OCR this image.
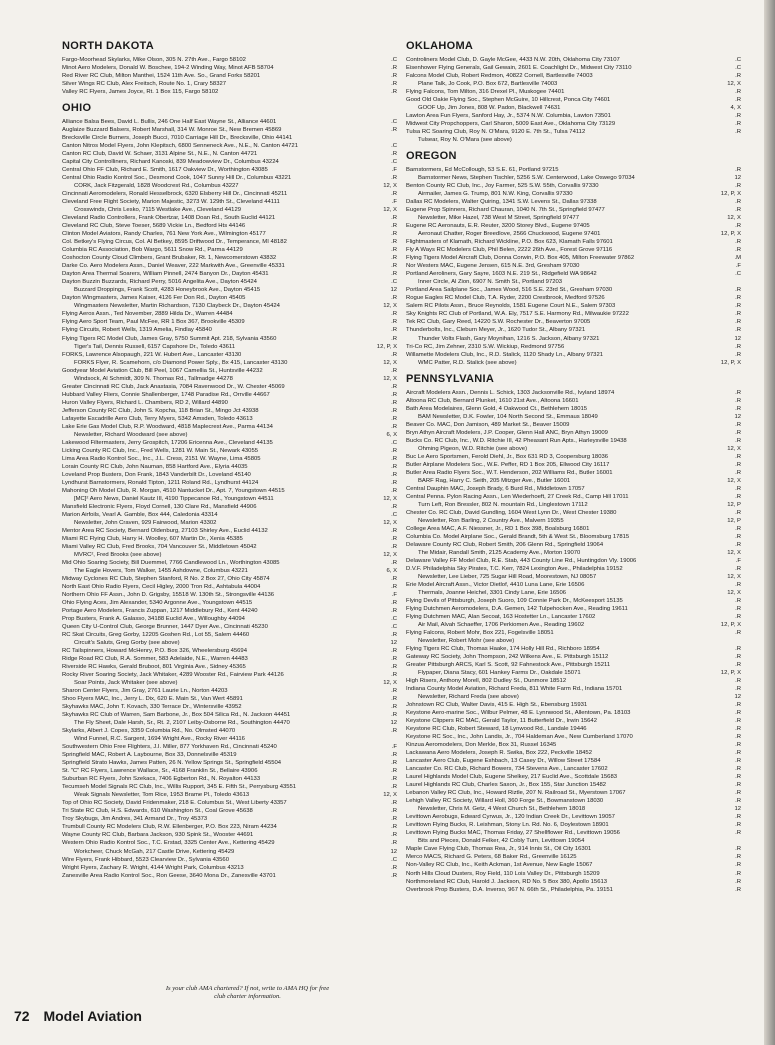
NORTH DAKOTA
Fargo-Moorhead Skylarks, Mike Olson, 305 N. 27th Ave., Fargo 58102	.C
Minot Aero Modelers, Donald W. Boschee, 194-2 Winding Way, Minot AFB 58704	.R
Red River RC Club, Milton Manthei, 1524 11th Ave. So., Grand Forks 58201	.R
Silver Wings RC Club, Alex Freitsch, Route No. 1, Crary 58327	.R
Valley RC Flyers, James Joyce, Rt. 1 Box 115, Fargo 58102	.R
OHIO
Alliance Balsa Bees, David L. Bullis, 246 One Half East Wayne St., Alliance 44601	.C
Auglaize Buzzard Balsers, Robert Marshall, 314 W. Monroe St., New Bremen 45869	.R
Brecksville Circle Burners, Joseph Bucci, 7010 Carriage Hill Dr., Brecksville, Ohio 44141
Canton Nitros Model Flyers, John Klepitsch, 6800 Senneneck Ave., N.E., N. Canton 44721	.C
Canton RC Club, David W. Schaer, 3131 Alpine St., N.E., N. Canton 44721	.R
Capital City Controlliners, Richard Kanoski, 839 Meadowview Dr., Columbus 43224	.C
Central Ohio FF Club, Richard E. Smith, 1617 Oakview Dr., Worthington 43085	.F
Central Ohio Radio Kontrol Soc., Desmond Cook, 1047 Sunny Hill Dr., Columbus 43221	.R
CORK, Jack Fitzgerald, 1828 Woodcrest Rd., Columbus 43227	12, X
Cincinnati Aeromodelers, Ronald Hesselbrock, 6320 Elsberry Hill Dr., Cincinnati 45211	.R
Cleveland Free Flight Society, Marion Majestic, 3273 W. 129th St., Cleveland 44111	.F
Crosswinds, Chris Lesko, 7115 Westlake Ave., Cleveland 44129	12, X
Cleveland Radio Controllers, Frank Obertzar, 1408 Doan Rd., South Euclid 44121	.R
Cleveland RC Club, Steve Toeser, 5689 Vickie Ln., Bedford Hts 44146	.R
Clinton Model Aviators, Randy Charles, 761 New York Ave., Wilmington 45177	.R
Col. Betkey's Flying Circus, Col. Al Betkey, 8595 Driftwood Dr., Temperance, MI 48182	.R
Columbia RC Association, Bob Wargo, 5611 Snow Rd., Parma 44129	.R
Coshocton County Cloud Climbers, Grant Brubaker, Rt. 1, Newcomerstown 43832	.R
Darke Co. Aero Modelers Assn., Daniel Weaver, 222 Markwith Ave., Greenville 45331	.R
Dayton Area Thermal Soarers, William Pinnell, 2474 Banyon Dr., Dayton 45431	.R
Dayton Buzzin Buzzards, Richard Perry, 5016 Angelita Ave., Dayton 45424	.C
Buzzard Droppings, Frank Scott, 4283 Honeybrook Ave., Dayton 45415	12
Dayton Wingmasters, James Kaiser, 4126 Fer Don Rd., Dayton 45405	.R
Wingmasters Newsletter, Martin Richardson, 7130 Claybeck Dr., Dayton 45424	12, X
Flying Aeros Assn., Ted November, 2889 Hilda Dr., Warren 44484	.R
Flying Aero Sport Team, Paul McFee, RR 1 Box 367, Brookville 45309	.R
Flying Circuits, Robert Wells, 1319 Amelia, Findlay 45840	.R
Flying Tigers RC Model Club, James Gray, 5750 Summit Apt. 218, Sylvania 43560	.R
Tiger's Tail, Dennis Russell, 6157 Capshore Dr., Toledo 43611	12, P, X
FORKS, Lawrence Alsopaugh, 221 W. Hubert Ave., Lancaster 43130	.R
FORKS Flyer, R. Scamehorn, c/o Diamond Power Sply., Bx 415, Lancaster 43130	12, X
Goodyear Model Aviation Club, Bill Peel, 1067 Camellia St., Huntsville 44232	.R
Windsock, Al Schmidt, 309 N. Thomas Rd., Tallmadge 44278	12, X
Greater Cincinnati RC Club, Jack Anastasia, 7084 Ravenwood Dr., W. Chester 45069	.R
Hubbard Valley Fliers, Connie Shallenberger, 1748 Paradise Rd., Orrville 44667	.R
Huron Valley Flyers, Richard L. Chambers, RD 2, Willard 44890	.R
Jefferson County RC Club, John S. Kopcha, 118 Brian St., Mingo Jct 43938	.R
Lafayette Escadrille Aero Club, Terry Myers, 5342 Amsden, Toledo 43613	.R
Lake Erie Gas Model Club, R.P. Woodward, 4818 Maplecrest Ave., Parma 44134	.R
Newsletter, Richard Woodward (see above)	6, X
Lakewood Filtermasters, Jerry Grospitch, 17206 Ericenna Ave., Cleveland 44135	.C
Licking County RC Club, Inc., Fred Wells, 1281 W. Main St., Newark 43055	.R
Lima Area Radio Kontrol Soc., Inc., J.L. Cress, 2151 W. Wayne, Lima 45805	.R
Lorain County RC Club, John Nauman, 858 Hartford Ave., Elyria 44035	.R
Loveland Prop Busters, Don Frank, 1843 Vanderbilt Dr., Loveland 45140	.R
Lyndhurst Barnstormers, Ronald Tipton, 1211 Roland Rd., Lyndhurst 44124	.R
Mahoning Oh Model Club, R. Morgan, 4510 Nantucket Dr., Apt. 7, Youngstown 44515	.R
[MC]² Aero News, Daniel Kautz III, 4190 Tippecanoe Rd., Youngstown 44511	12, X
Mansfield Electronic Flyers, Floyd Cornell, 130 Clare Rd., Mansfield 44906	.R
Marion Airfoils, Vearl A. Gamble, Box 444, Caledonia 43314	.C
Newsletter, John Craven, 929 Fairwood, Marion 43302	12, X
Mentor Area RC Society, Bernard Oldenburg, 27103 Shirley Ave., Euclid 44132	.R
Miami RC Flying Club, Harry H. Woolley, 607 Martin Dr., Xenia 45385	.R
Miami Valley RC Club, Fred Brooks, 704 Vancouver St., Middletown 45042	.R
MVRC², Fred Brooks (see above)	12, X
Mid Ohio Soaring Society, Bill Duemmel, 7766 Candlewood Ln., Worthington 43085	.R
The Eagle Hovers, Tom Walker, 1455 Ashdowne, Columbus 43221	6, X
Midway Cyclones RC Club, Stephen Stanford, R No. 2 Box 27, Ohio City 45874	.R
North East Ohio Radio Flyers, Cecil Higley, 2000 Tron Rd., Ashtabula 44004	.R
Northern Ohio FF Assn., John D. Grigsby, 15518 W. 130th St., Strongsville 44136	.F
Ohio Flying Aces, Jim Alexander, 5340 Argonne Ave., Youngstown 44515	.R
Portage Aero Modelers, Francis Zuppan, 1217 Middlebury Rd., Kent 44240	.R
Prop Busters, Frank A. Galasso, 34188 Euclid Ave., Willoughby 44094	.C
Queen City U-Control Club, George Brunner, 1447 Dyer Ave., Cincinnati 45230	.C
RC Skat Circuits, Greg Gorby, 12205 Goshen Rd., Lot 55, Salem 44460	.R
Circuit's Saluts, Greg Gorby (see above)	12
RC Tailspinners, Howard McHenry, P.O. Box 326, Wheelersburg 45694	.R
Ridge Road RC Club, R.A. Sommer, 583 Adelaide, N.E., Warren 44483	.R
Riverside RC Hawks, Gerald Bruboot, 801 Virginia Ave., Sidney 45365	.R
Rocky River Soaring Society, Jack Whitaker, 4289 Wooster Rd., Fairview Park 44126	.R
Soar Points, Jack Whitaker (see above)	12, X
Sharon Center Flyers, Jim Gray, 2761 Laurie Ln., Norton 44203	.R
Shoo Flyers MAC, Inc., Jerry L. Dix, 620 E. Main St., Van Wert 45891	.R
Skyhawks MAC, John T. Kovach, 330 Terrace Dr., Wintersville 43952	.R
Skyhawks RC Club of Warren, Sam Barbone, Jr., Box 504 Silica Rd., N. Jackson 44451	.R
The Fly Sheet, Dale Harsh, Sr., Rt. 2, 2107 Leiby-Osborne Rd., Southington 44470	12
Skylarks, Albert J. Copes, 3359 Columbia Rd., No. Olmsted 44070	.R
Wind Funnel, R.C. Sargent, 1694 Wright Ave., Rocky River 44116
Southwestern Ohio Free Flighters, J.I. Miller, 877 Yorkhaven Rd., Cincinnati 45240	.F
Springfield MAC, Robert A. Laybourne, Box 33, Donnelsville 45319	.R
Springfield Strato Hawks, James Patten, 26 N. Yellow Springs St., Springfield 45504	.R
St. "C" RC Flyers, Lawrence Wallace, Sr., 4168 Franklin St., Bellaire 43906	.R
Suburban RC Flyers, John Szekacs, 7406 Egberton Rd., N. Royalton 44133	.R
Tecumseh Model Signals RC Club, Inc., Willis Rupport, 345 E. Fifth St., Perrysburg 43551	.R
Weak Signals Newsletter, Tom Rice, 1953 Brame Pl., Toledo 43613	12, X
Top of Ohio RC Society, David Fridenmaker, 218 E. Columbus St., West Liberty 43357	.R
Tri State RC Club, H.S. Edwards, 610 Washington St., Coal Grove 45638	.R
Troy Skybugs, Jim Andres, 341 Armand Dr., Troy 45373	.R
Trumbull County RC Modelers Club, R.W. Ellenberger, P.O. Box 223, Niram 44234	.R
Wayne County RC Club, Barbara Jackson, 930 Spink St., Wooster 44691	.R
Western Ohio Radio Kontrol Soc., T.C. Erstad, 3325 Center Ave., Kettering 45429	.R
Workcheer, Chuck McGah, 217 Castle Drive, Kettering 45429	12
Wire Flyers, Frank Hibbard, 5523 Clearview Dr., Sylvania 43560	.C
Wright Flyers, Zachary R. Wright, 4144 Wright Park, Columbus 43213	.R
Zanesville Area Radio Kontrol Soc., Ron Geese, 3640 Mona Dr., Zanesville 43701	.R
OKLAHOMA
Controliners Model Club, D. Gayle McGee, 4433 N.W. 20th, Oklahoma City 73107	.C
Eisenhower Flying Generals, Gail Gewain, 2601 E. Coachlight Dr., Midwest City 73110	.C
Falcons Model Club, Robert Redmon, 40822 Cornell, Bartlesville 74003	.R
Plane Talk, Jo Cook, P.O. Box 672, Bartlesville 74003	12, X
Flying Falcons, Tom Milton, 316 Drexel Pl., Muskogee 74401	.R
Good Old Oakie Flying Soc., Stephen McGuire, 10 Hillcrest, Ponca City 74601	.R
GOOF Up, Jim Jones, 808 W. Padon, Blackwell 74631	4, X
Lawton Area Fun Flyers, Sanford Hay, Jr., 5374 N.W. Columbia, Lawton 73501	.R
Midwest City Propchoppers, Carl Sharon, 5009 East Ave., Oklahoma City 73129	.R
Tulsa RC Soaring Club, Roy N. O'Mara, 9120 E. 7th St., Tulsa 74112	.R
Tulsear, Roy N. O'Mara (see above)
OREGON
Barnstormers, Ed McCollough, 53 S.E. 61, Portland 97215	.R
Barnstormer News, Stephen Tischler, 5256 S.W. Centerwood, Lake Oswego 97034	12
Benton County RC Club, Inc., Joy Farmer, 525 S.W. 55th, Corvallis 97330	.R
Airmailer, James G. Trump, 801 N.W. King, Corvallis 97330	12, P, X
Dallas RC Modelers, Walter Quiring, 1341 S.W. Levens St., Dallas 97338	.R
Eugene Prop Spinners, Richard Chauran, 1040 N. 7th St., Springfield 97477	.R
Newsletter, Mike Hazel, 738 West M Street, Springfield 97477	12, X
Eugene RC Aeronauts, E.R. Reuter, 3200 Storey Blvd., Eugene 97405	.R
Aeronaut Chatter, Roger Breedlove, 2566 Chuckwood, Eugene 97401	12, P, X
Flightmasters of Klamath, Richard Wickline, P.O. Box 623, Klamath Falls 97601	.R
Fly A Ways RC Modelers Club, Phil Belen, 2222 26th Ave., Forest Grove 97116	.R
Flying Tigers Model Aircraft Club, Donna Corwin, P.O. Box 405, Milton Freewater 97862	.M
Nor Westers MAC, Eugene Jensen, 615 N.E. 3rd, Gresham 97030	.F
Portland Aeroliners, Gary Sayre, 1603 N.E. 219 St., Ridgefield WA 98642	.C
Inner Circle, Al Zion, 6907 N. Smith St., Portland 97203
Portland Area Sailplane Soc., James Wood, 516 S.E. 23rd St., Gresham 97030	.R
Rogue Eagles RC Model Club, T.A. Ryder, 2200 Crestbrook, Medford 97526	.R
Salem RC Pilots Assn., Bruce Reynolds, 1581 Eugene Court N.E., Salem 97303	.R
Sky Knights RC Club of Portland, W.A. Ely, 7517 S.E. Harmony Rd., Milwaukie 97222	.R
Tek RC Club, Gary Reed, 14220 S.W. Rochester Dr., Beaverton 97005	.R
Thunderbolts, Inc., Cleburn Meyer, Jr., 1620 Tudor St., Albany 97321	.R
Thunder Volts Flash, Gary Moynihan, 1216 S. Jackson, Albany 97321	12
Tri-Co RC, Jim Zehner, 2310 S.W. Wickiup, Redmond 97756	.R
Willamette Modelers Club, Inc., R.D. Stalick, 1120 Shady Ln., Albany 97321	.R
WMC Patter, R.D. Stalick (see above)	12, P, X
PENNSYLVANIA
Aircraft Modelers Assn., Dennis L. Schick, 1303 Jacksonville Rd., Ivyland 18974	.R
Altoona RC Club, Bernard Plunket, 1610 21st Ave., Altoona 16601	.R
Bath Area Modelaires, Glenn Gold, 4 Oakwood Ct., Bethlehem 18015	.R
BAM Newsletter, D.K. Fowler, 104 North Second St., Emmaus 18049	12
Beaver Co. MAC, Don Jamison, 489 Market St., Beaver 15009	.R
Bryn Athyn Aircraft Modelers, J.P. Cooper, Glenn Hall ANC, Bryn Athyn 19009	.R
Bucks Co. RC Club, Inc., W.D. Ritchie III, 42 Pheasant Run Apts., Harleysville 19438	.R
Ohming Pigeon, W.D. Ritchie (see above)	12, X
Buc Le Aero Sportsmen, Ferold Diehl, Jr., Box 631 RD 3, Coopersburg 18036	.R
Butler Airplane Modelers Soc., W.E. Peffer, RD 1 Box 205, Ellwood City 16117	.R
Butler Area Radio Flyers Soc., W.T. Henderson, 202 Williams Rd., Butler 16001	.R
BARF Rag, Harry C. Seith, 205 Mitzger Ave., Butler 16001	12, X
Central Dauphin MAC, Joseph Brady, 6 Burd Rd., Middletown 17057	.R
Central Penna. Pylon Racing Assn., Len Wiederhoeft, 27 Creek Rd., Camp Hill 17011	.R
Turn Left, Ron Bressler, 802 N. mountain Rd., Linglestown 17112	12, P
Chester Co. RC Club, David Gundling, 1604 West Lynn Dr., West Chester 19380	.R
Newsletter, Ron Barling, 2 Country Ave., Malvern 19355	12, P
College Area MAC, A.F. Niessner, Jr., RD 1 Box 398, Boalsburg 16801	.R
Columbia Co. Model Airplane Soc., Gerald Brandt, 5th & West St., Bloomsburg 17815	.R
Delaware County RC Club, Robert Smith, 206 Glenn Rd., Springfield 19064	.R
The Midair, Randall Smith, 2125 Academy Ave., Morton 19070	12, X
Delaware Valley FF Model Club, R.E. Stab, 443 County Line Rd., Huntingdon Vly. 19006	.F
D.V.F. Philadelphia Sky Pirates, T.C. Kerr, 7824 Lexington Ave., Philadelphia 19152	.R
Newsletter, Lee Lieber, 725 Sugar Hill Road, Moorestown, NJ 08057	12, X
Erie Model Aircraft Assn., Victor Dietlof, 4410 Luna Lane, Erie 16506	.R
Thermals, Joanne Heichel, 3301 Cindy Lane, Erie 16506	12, X
Flying Devils of Pittsburgh, Joseph Suoro, 109 Connie Park Dr., McKeesport 15135	.R
Flying Dutchmen Aeromodelers, D.A. Gemen, 142 Tulpehocken Ave., Reading 19611	.R
Flying Dutchmen MAC, Alan Secoat, 163 Hostetter Ln., Lancaster 17602	.R
Air Mail, Alvah Schaeffer, 1706 Perkiomen Ave., Reading 19602	12, P, X
Flying Falcons, Robert Mohr, Box 221, Fogelsville 18051	.R
Newsletter, Robert Mohr (see above)
Flying Tigers RC Club, Thomas Haake, 174 Holly Hill Rd., Richboro 18954	.R
Gateway RC Society, John Thompson, 242 Wilkens Ave., E. Pittsburgh 15112	.R
Greater Pittsburgh ARCS, Karl S. Scott, 92 Fahnestock Ave., Pittsburgh 15211	.R
Flypaper, Diana Stacy, 601 Hankey Farms Dr., Oakdale 15071	12, P, X
High Risers, Anthony Morell, 802 Dudley St., Dunmore 18512	.R
Indiana County Model Aviation, Richard Freda, 811 White Farm Rd., Indiana 15701	.R
Newsletter, Richard Freda (see above)	12
Johnstown RC Club, Walter Davis, 415 E. High St., Ebensburg 15931	.R
Keystone Aero-marine Soc., Wilbur Pelmer, 48 E. Lynnwood St., Allentown, Pa. 18103	.R
Keystone Clippers RC MAC, Gerald Taylor, 11 Butterfield Dr., Irwin 15642	.R
Keystone RC Club, Robert Steward, 18 Lynwood Rd., Landale 19446	.R
Keystone RC Soc., Inc., John Landis, Jr., 704 Haldeman Ave., New Cumberland 17070	.R
Kinzua Aeromodelers, Don Merkle, Box 31, Russel 16345	.R
Lackawana Aero Modelers, Joseph R. Swika, Box 222, Peckville 18452	.R
Lancaster Aero Club, Eugene Eshbach, 13 Casey Dr., Willow Street 17584	.R
Lancaster Co. RC Club, Richard Bowers, 734 Stevens Ave., Lancaster 17602	.R
Laurel Highlands Model Club, Eugene Shelkey, 217 Euclid Ave., Scottdale 15683	.R
Laurel Highlands RC Club, Charles Saxon, Jr., Box 155, Star Junction 15482	.R
Lebanon Valley RC Club, Inc., Howard Riztle, 207 N. Railroad St., Myerstown 17067	.R
Lehigh Valley RC Society, Willard Holl, 360 Forge St., Bowmanstown 18030	.R
Newsletter, Chris M. Getz, 4 West Church St., Bethlehem 18018	12
Levittown Aerobugs, Edward Cyrwus, Jr., 120 Indian Creek Dr., Levittown 19057	.R
Levittown Flying Bucks, R. Leishman, Stony Ln. Rd. No. 6, Doylestown 18901	.R
Levittown Flying Bucks MAC, Thomas Friday, 27 Shellflower Rd., Levittown 19056	.R
Bits and Pieces, Donald Felker, 42 Cobly Turn, Levittown 19054
Maple Cave Flying Club, Thomas Rea, Jr., 914 Innis St., Oil City 16301	.R
Merco MACS, Richard G. Peters, 68 Baker Rd., Greenville 16125	.R
Non-Valley RC Club, Inc., Keith Ackman, 1st Avenue, New Eagle 15067	.R
North Hills Cloud Dusters, Roy Field, 110 Lois Valley Dr., Pittsburgh 15209	.R
Northmoreland RC Club, Harold J. Jackson, RD No. 5 Box 380, Apollo 15613	.R
Overbrook Prop Busters, D.A. Inverso, 967 N. 66th St., Philadelphia, Pa. 19151	.R
Is your club AMA chartered? If not, write to AMA HQ for free club charter information.
72 Model Aviation
